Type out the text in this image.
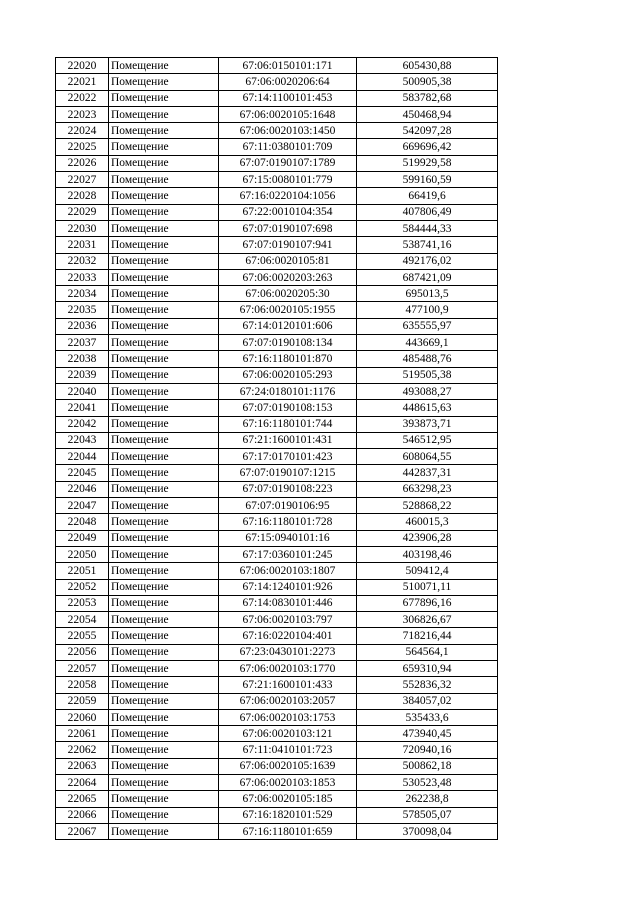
22020	Помещение	67:06:0150101:171	605430,88
22021	Помещение	67:06:0020206:64	500905,38
22022	Помещение	67:14:1100101:453	583782,68
22023	Помещение	67:06:0020105:1648	450468,94
22024	Помещение	67:06:0020103:1450	542097,28
22025	Помещение	67:11:0380101:709	669696,42
22026	Помещение	67:07:0190107:1789	519929,58
22027	Помещение	67:15:0080101:779	599160,59
22028	Помещение	67:16:0220104:1056	66419,6
22029	Помещение	67:22:0010104:354	407806,49
22030	Помещение	67:07:0190107:698	584444,33
22031	Помещение	67:07:0190107:941	538741,16
22032	Помещение	67:06:0020105:81	492176,02
22033	Помещение	67:06:0020203:263	687421,09
22034	Помещение	67:06:0020205:30	695013,5
22035	Помещение	67:06:0020105:1955	477100,9
22036	Помещение	67:14:0120101:606	635555,97
22037	Помещение	67:07:0190108:134	443669,1
22038	Помещение	67:16:1180101:870	485488,76
22039	Помещение	67:06:0020105:293	519505,38
22040	Помещение	67:24:0180101:1176	493088,27
22041	Помещение	67:07:0190108:153	448615,63
22042	Помещение	67:16:1180101:744	393873,71
22043	Помещение	67:21:1600101:431	546512,95
22044	Помещение	67:17:0170101:423	608064,55
22045	Помещение	67:07:0190107:1215	442837,31
22046	Помещение	67:07:0190108:223	663298,23
22047	Помещение	67:07:0190106:95	528868,22
22048	Помещение	67:16:1180101:728	460015,3
22049	Помещение	67:15:0940101:16	423906,28
22050	Помещение	67:17:0360101:245	403198,46
22051	Помещение	67:06:0020103:1807	509412,4
22052	Помещение	67:14:1240101:926	510071,11
22053	Помещение	67:14:0830101:446	677896,16
22054	Помещение	67:06:0020103:797	306826,67
22055	Помещение	67:16:0220104:401	718216,44
22056	Помещение	67:23:0430101:2273	564564,1
22057	Помещение	67:06:0020103:1770	659310,94
22058	Помещение	67:21:1600101:433	552836,32
22059	Помещение	67:06:0020103:2057	384057,02
22060	Помещение	67:06:0020103:1753	535433,6
22061	Помещение	67:06:0020103:121	473940,45
22062	Помещение	67:11:0410101:723	720940,16
22063	Помещение	67:06:0020105:1639	500862,18
22064	Помещение	67:06:0020103:1853	530523,48
22065	Помещение	67:06:0020105:185	262238,8
22066	Помещение	67:16:1820101:529	578505,07
22067	Помещение	67:16:1180101:659	370098,04
